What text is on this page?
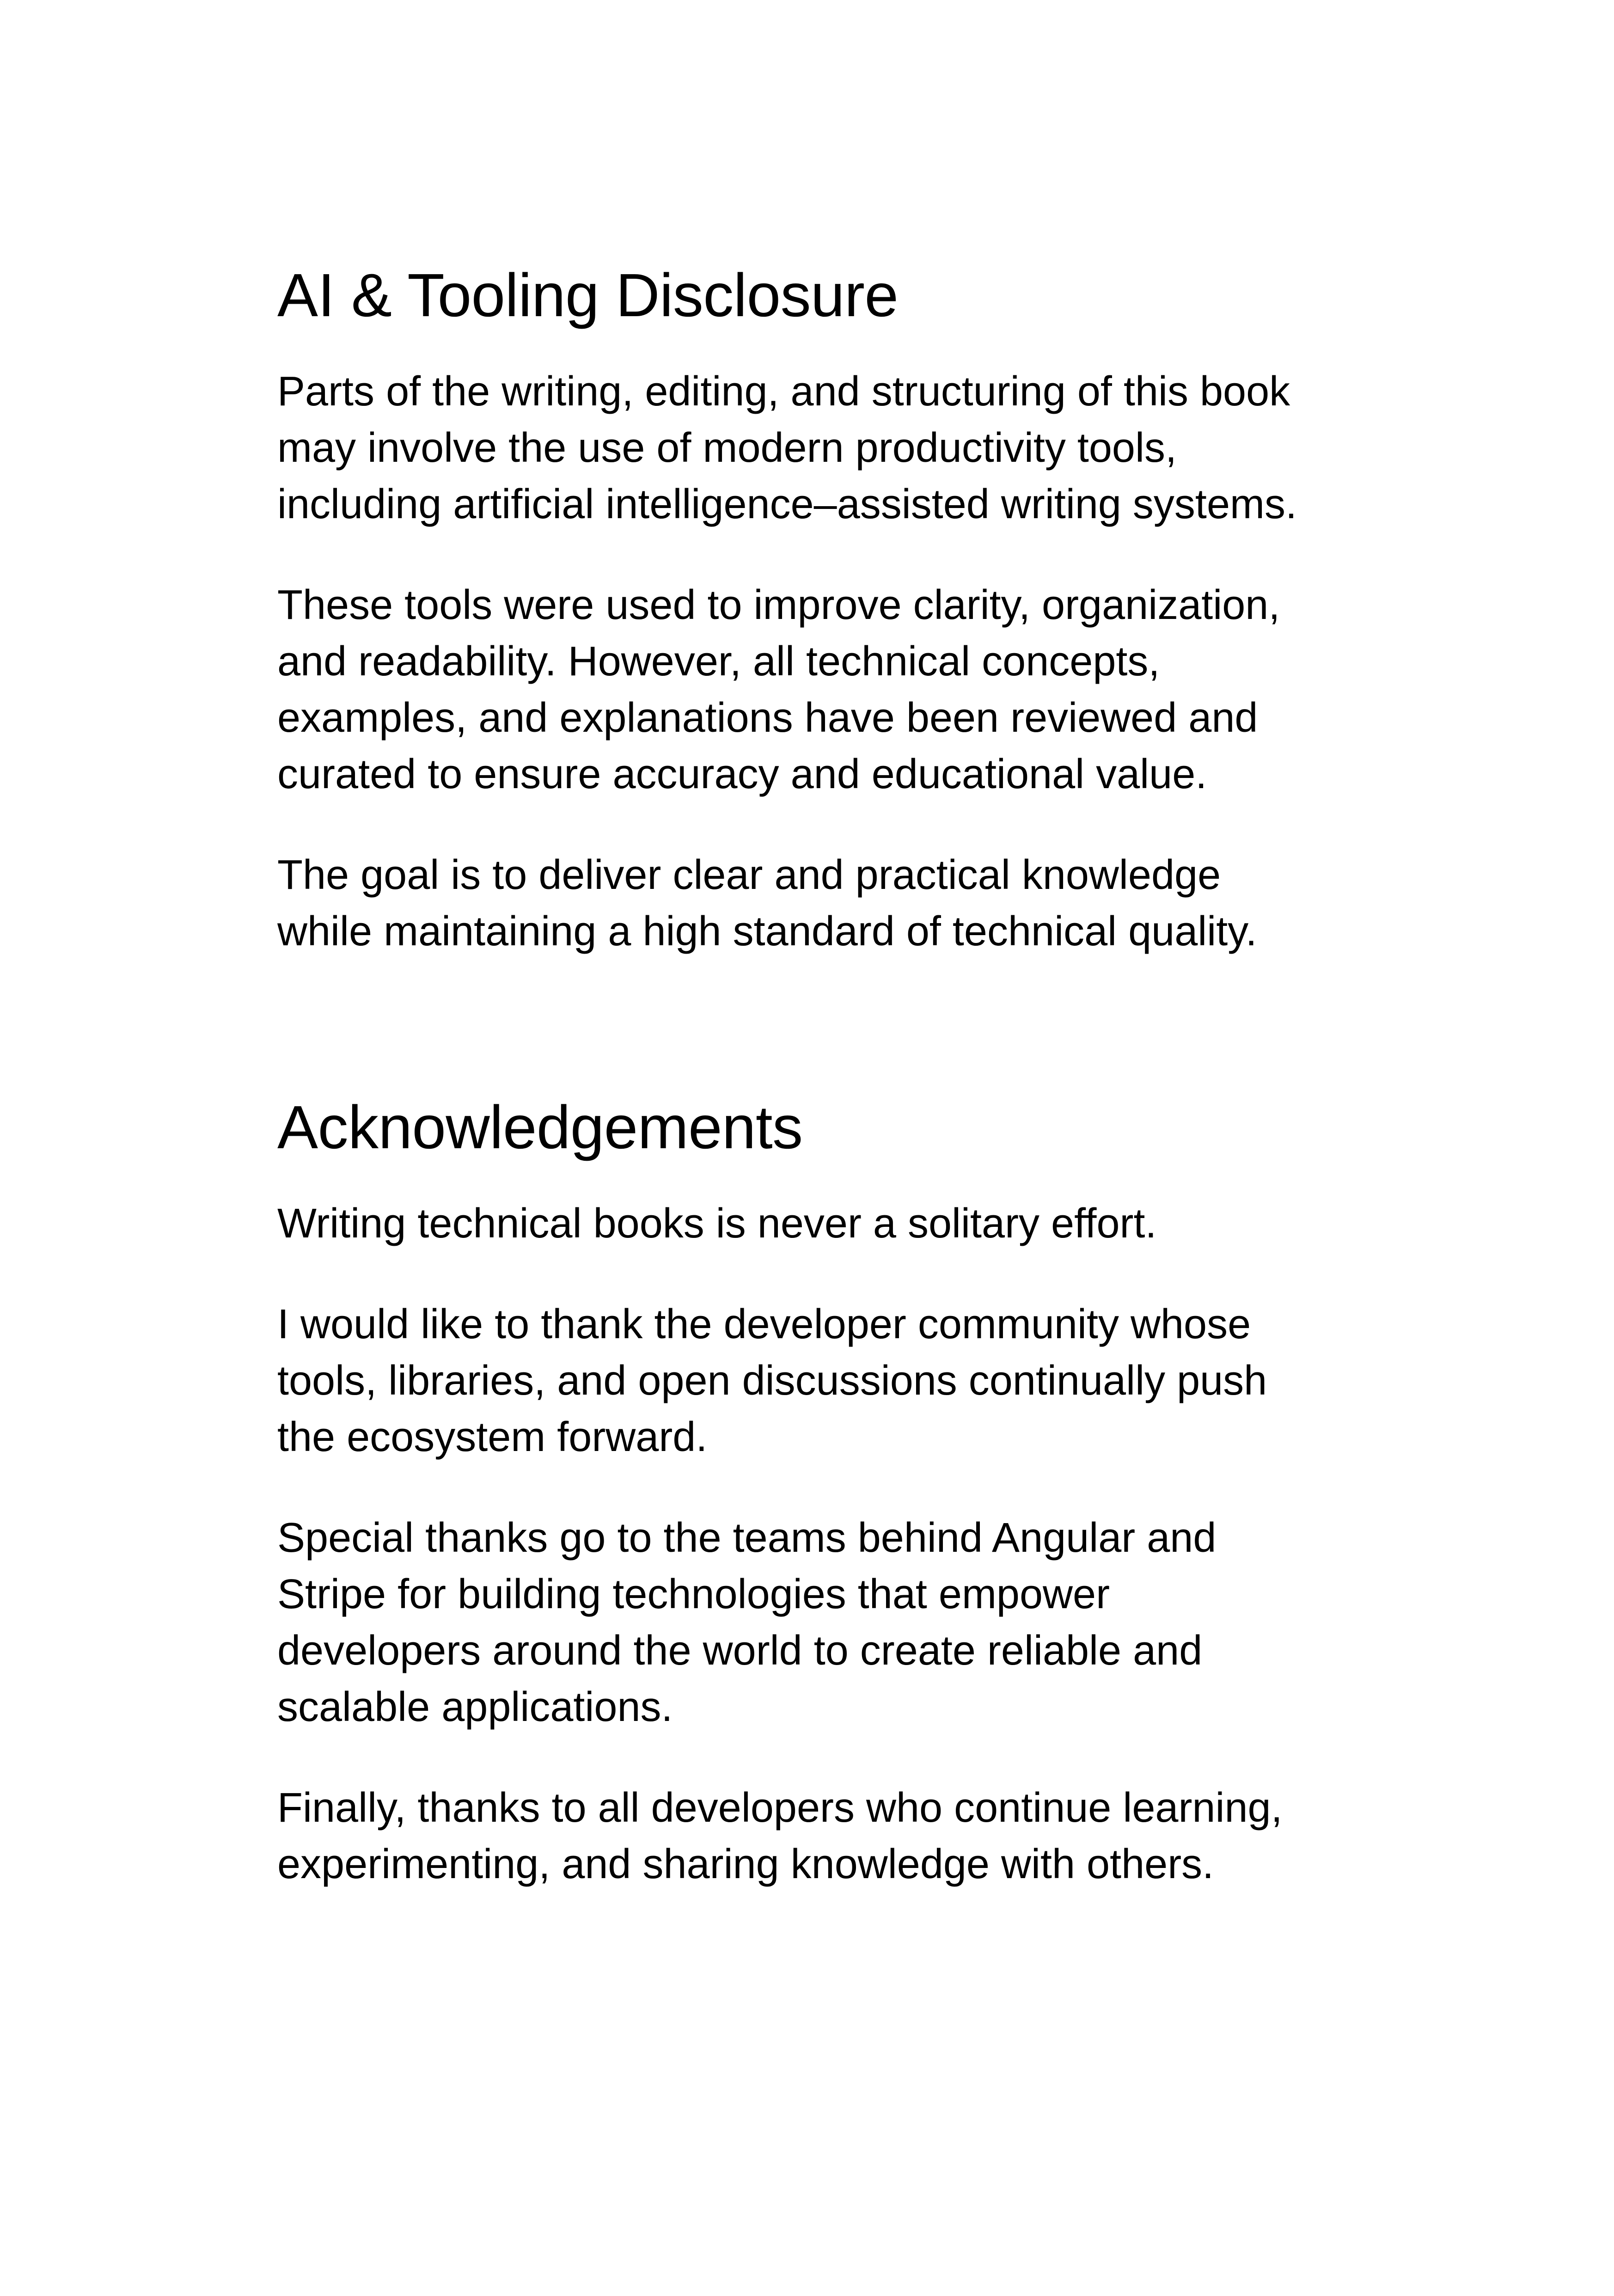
AI & Tooling Disclosure

Parts of the writing, editing, and structuring of this book
may involve the use of modern productivity tools,
including artificial intelligence–assisted writing systems.

These tools were used to improve clarity, organization,
and readability. However, all technical concepts,
examples, and explanations have been reviewed and
curated to ensure accuracy and educational value.

The goal is to deliver clear and practical knowledge
while maintaining a high standard of technical quality.

Acknowledgements

Writing technical books is never a solitary effort.

I would like to thank the developer community whose
tools, libraries, and open discussions continually push
the ecosystem forward.

Special thanks go to the teams behind Angular and
Stripe for building technologies that empower
developers around the world to create reliable and
scalable applications.

Finally, thanks to all developers who continue learning,
experimenting, and sharing knowledge with others.
